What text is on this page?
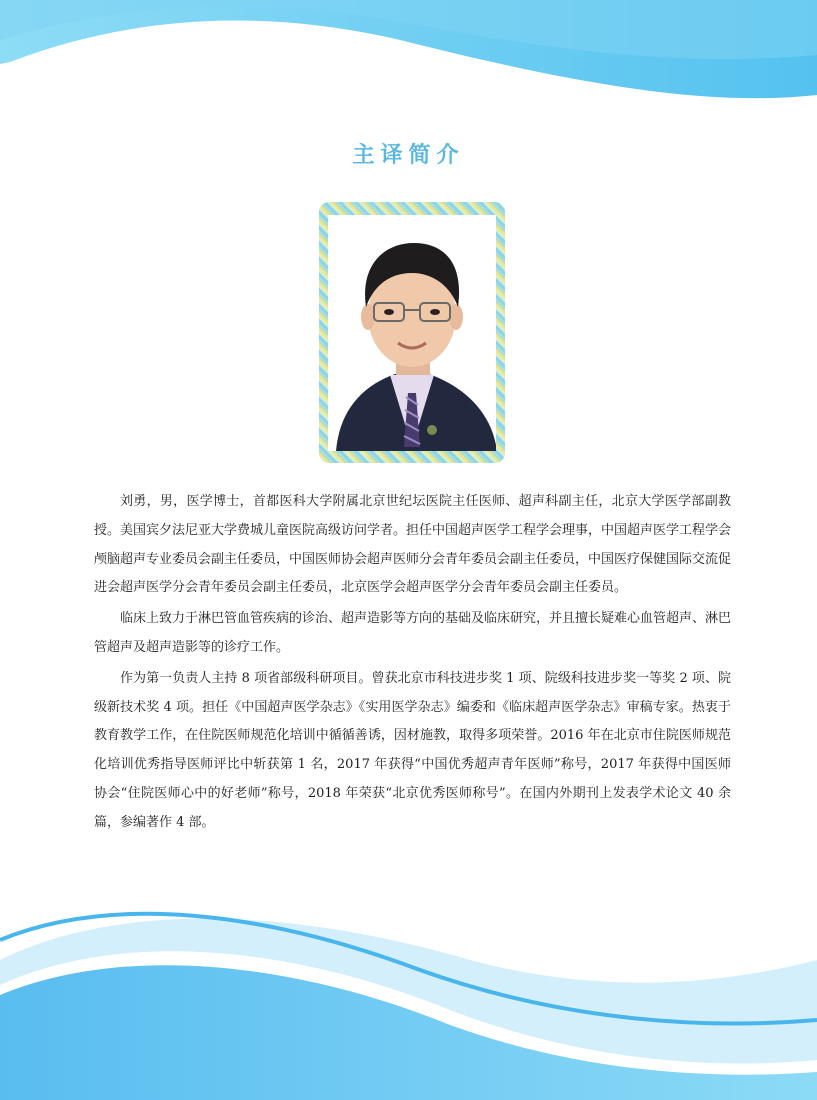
主译简介

刘勇，男，医学博士，首都医科大学附属北京世纪坛医院主任医师、超声科副主任，北京大学医学部副教授。美国宾夕法尼亚大学费城儿童医院高级访问学者。担任中国超声医学工程学会理事，中国超声医学工程学会颅脑超声专业委员会副主任委员，中国医师协会超声医师分会青年委员会副主任委员，中国医疗保健国际交流促进会超声医学分会青年委员会副主任委员，北京医学会超声医学分会青年委员会副主任委员。

临床上致力于淋巴管血管疾病的诊治、超声造影等方向的基础及临床研究，并且擅长疑难心血管超声、淋巴管超声及超声造影等的诊疗工作。

作为第一负责人主持 8 项省部级科研项目。曾获北京市科技进步奖 1 项、院级科技进步奖一等奖 2 项、院级新技术奖 4 项。担任《中国超声医学杂志》《实用医学杂志》编委和《临床超声医学杂志》审稿专家。热衷于教育教学工作，在住院医师规范化培训中循循善诱，因材施教，取得多项荣誉。2016 年在北京市住院医师规范化培训优秀指导医师评比中斩获第 1 名，2017 年获得“中国优秀超声青年医师”称号，2017 年获得中国医师协会“住院医师心中的好老师”称号，2018 年荣获“北京优秀医师称号”。在国内外期刊上发表学术论文 40 余篇，参编著作 4 部。
